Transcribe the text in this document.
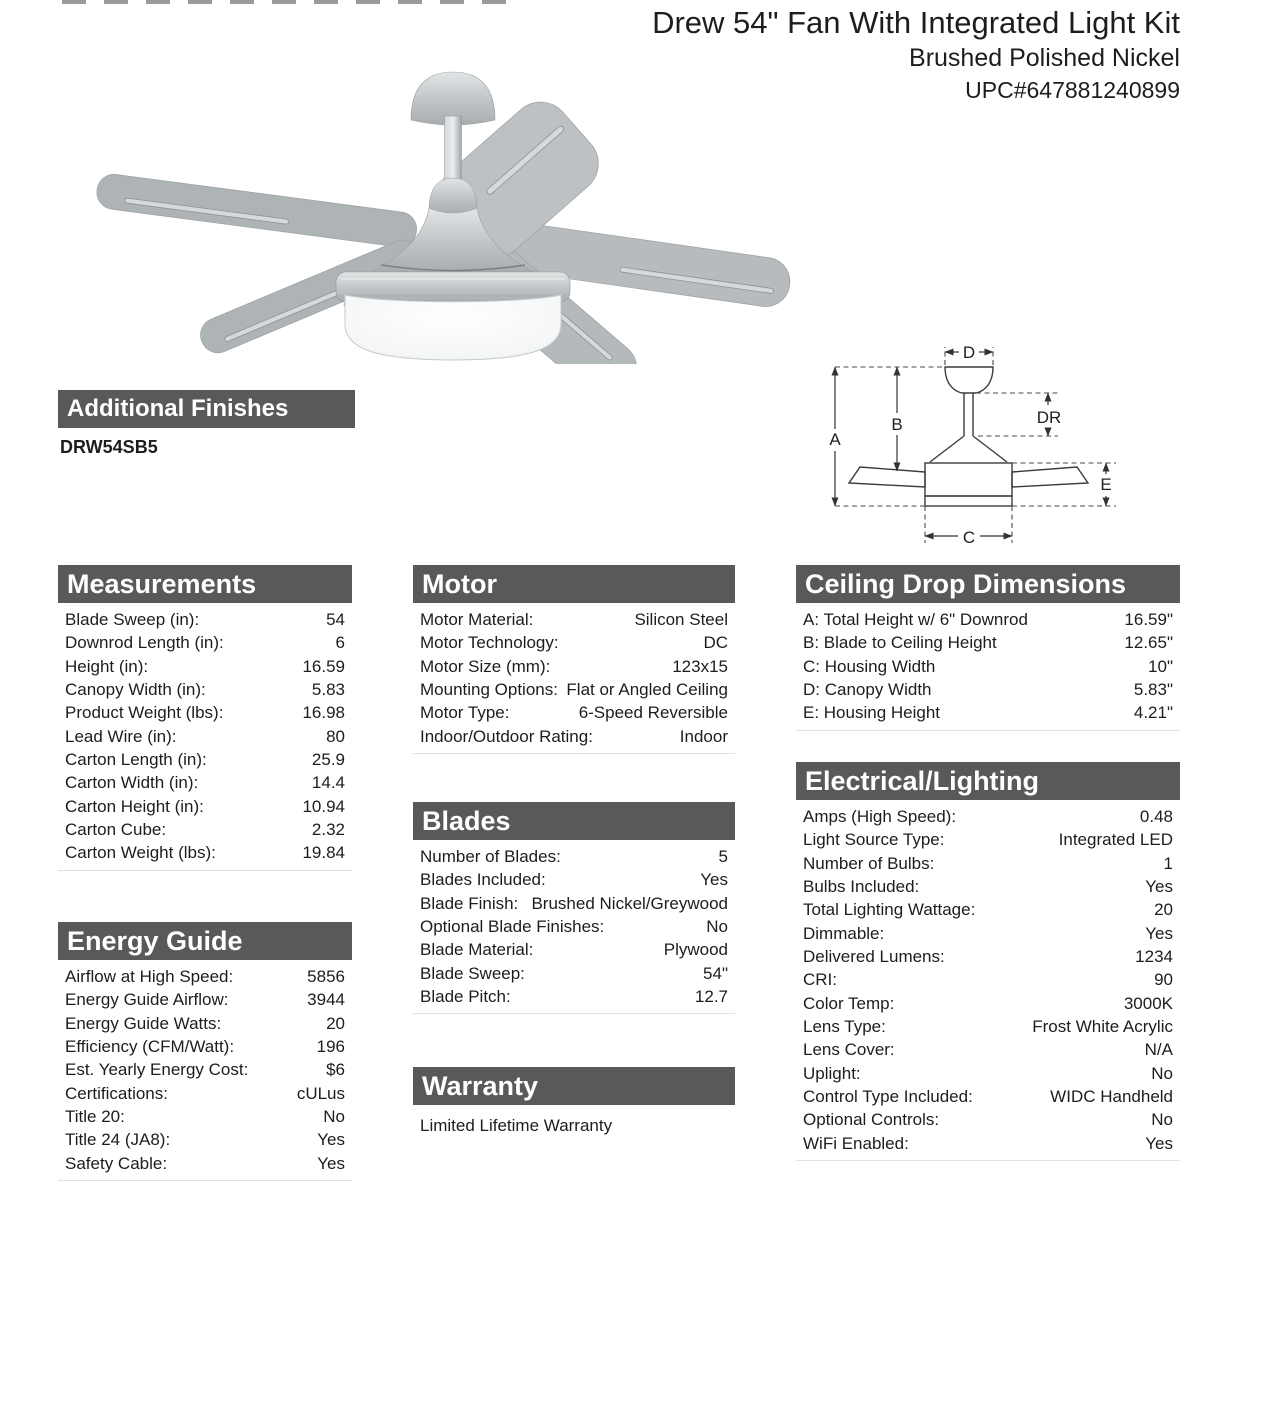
Drew 54" Fan With Integrated Light Kit
Brushed Polished Nickel
UPC#647881240899
A
B	DR
E
C
D
Additional Finishes
DRW54SB5
Measurements
Blade Sweep (in):	54
Downrod Length (in):	6
Height (in):	16.59
Canopy Width (in):	5.83
Product Weight (lbs):	16.98
Lead Wire (in):	80
Carton Length (in):	25.9
Carton Width (in):	14.4
Carton Height (in):	10.94
Carton Cube:	2.32
Carton Weight (lbs):	19.84
Energy Guide
Airflow at High Speed:	5856
Energy Guide Airflow:	3944
Energy Guide Watts:	20
Efficiency (CFM/Watt):	196
Est. Yearly Energy Cost:	$6
Certifications:	cULus
Title 20:	No
Title 24 (JA8):	Yes
Safety Cable:	Yes
Motor
Motor Material:	Silicon Steel
Motor Technology:	DC
Motor Size (mm):	123x15
Mounting Options: Flat or Angled Ceiling
Motor Type:	6-Speed Reversible
Indoor/Outdoor Rating:	Indoor
Blades
Number of Blades:	5
Blades Included:	Yes
Blade Finish: Brushed Nickel/Greywood
Optional Blade Finishes:	No
Blade Material:	Plywood
Blade Sweep:	54"
Blade Pitch:	12.7
Warranty
Limited Lifetime Warranty
Ceiling Drop Dimensions
A: Total Height w/ 6" Downrod	16.59"
B: Blade to Ceiling Height	12.65"
C: Housing Width	10"
D: Canopy Width	5.83"
E: Housing Height	4.21"
Electrical/Lighting
Amps (High Speed):	0.48
Light Source Type:	Integrated LED
Number of Bulbs:	1
Bulbs Included:	Yes
Total Lighting Wattage:	20
Dimmable:	Yes
Delivered Lumens:	1234
CRI:	90
Color Temp:	3000K
Lens Type:	Frost White Acrylic
Lens Cover:	N/A
Uplight:	No
Control Type Included:	WIDC Handheld
Optional Controls:	No
WiFi Enabled:	Yes
